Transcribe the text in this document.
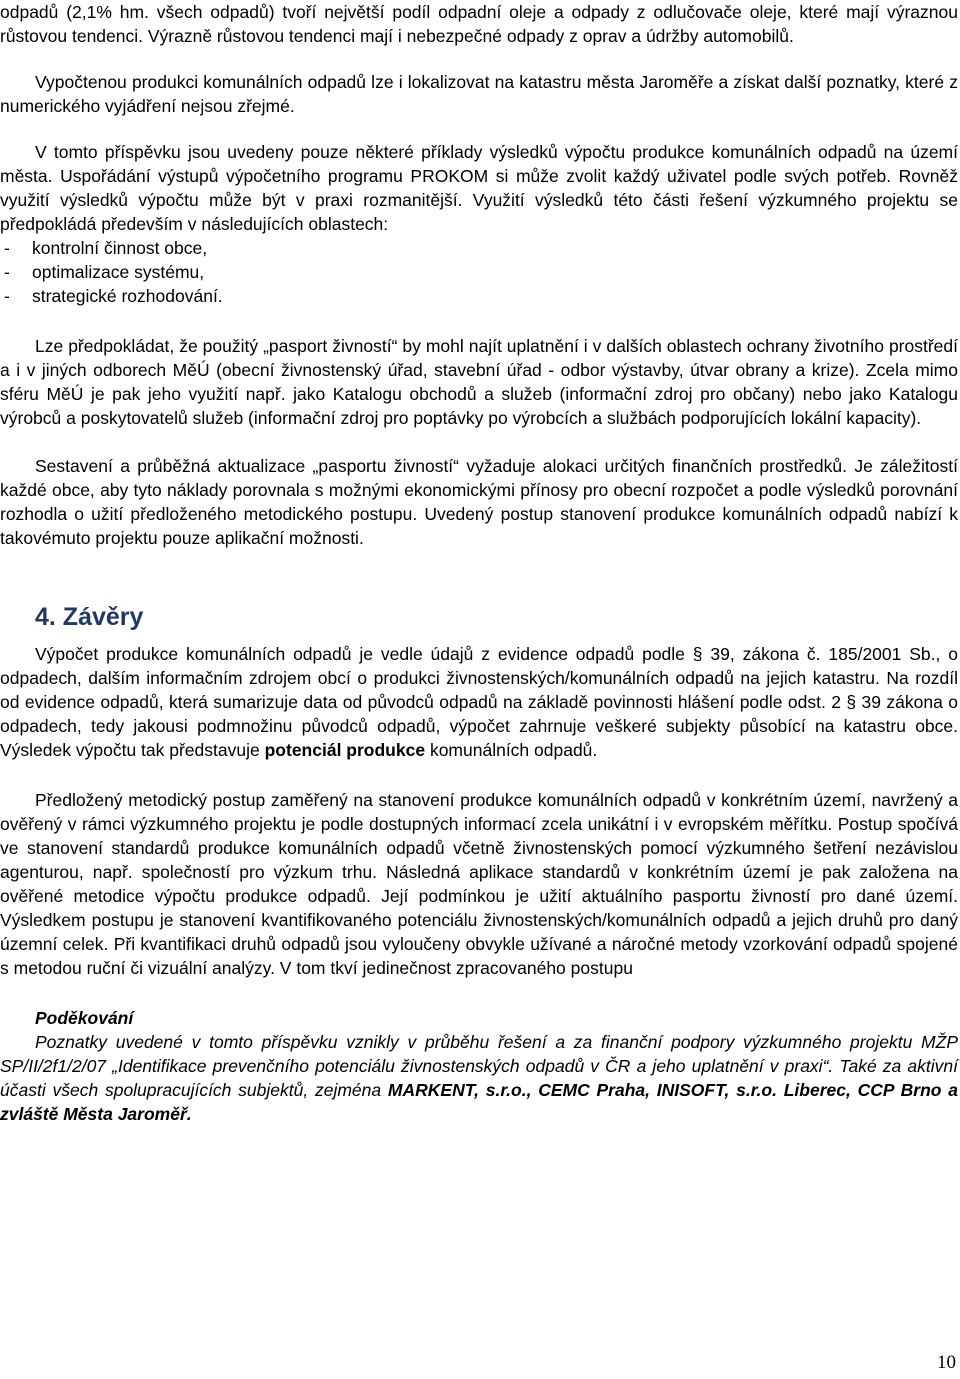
odpadů (2,1% hm. všech odpadů) tvoří největší podíl odpadní oleje a odpady z odlučovače oleje, které mají výraznou růstovou tendenci. Výrazně růstovou tendenci mají i nebezpečné odpady z oprav a údržby automobilů.

Vypočtenou produkci komunálních odpadů lze i lokalizovat na katastru města Jaroměře a získat další poznatky, které z numerického vyjádření nejsou zřejmé.

V tomto příspěvku jsou uvedeny pouze některé příklady výsledků výpočtu produkce komunálních odpadů na území města. Uspořádání výstupů výpočetního programu PROKOM si může zvolit každý uživatel podle svých potřeb. Rovněž využití výsledků výpočtu může být v praxi rozmanitější. Využití výsledků této části řešení výzkumného projektu se předpokládá především v následujících oblastech:

- kontrolní činnost obce,
- optimalizace systému,
- strategické rozhodování.

Lze předpokládat, že použitý „pasport živností“ by mohl najít uplatnění i v dalších oblastech ochrany životního prostředí a i v jiných odborech MěÚ (obecní živnostenský úřad, stavební úřad - odbor výstavby, útvar obrany a krize). Zcela mimo sféru MěÚ je pak jeho využití např. jako Katalogu obchodů a služeb (informační zdroj pro občany) nebo jako Katalogu výrobců a poskytovatelů služeb (informační zdroj pro poptávky po výrobcích a službách podporujících lokální kapacity).

Sestavení a průběžná aktualizace „pasportu živností“ vyžaduje alokaci určitých finančních prostředků. Je záležitostí každé obce, aby tyto náklady porovnala s možnými ekonomickými přínosy pro obecní rozpočet a podle výsledků porovnání rozhodla o užití předloženého metodického postupu. Uvedený postup stanovení produkce komunálních odpadů nabízí k takovémuto projektu pouze aplikační možnosti.

4. Závěry

Výpočet produkce komunálních odpadů je vedle údajů z evidence odpadů podle § 39, zákona č. 185/2001 Sb., o odpadech, dalším informačním zdrojem obcí o produkci živnostenských/komunálních odpadů na jejich katastru. Na rozdíl od evidence odpadů, která sumarizuje data od původců odpadů na základě povinnosti hlášení podle odst. 2 § 39 zákona o odpadech, tedy jakousi podmnožinu původců odpadů, výpočet zahrnuje veškeré subjekty působící na katastru obce. Výsledek výpočtu tak představuje potenciál produkce komunálních odpadů.

Předložený metodický postup zaměřený na stanovení produkce komunálních odpadů v konkrétním území, navržený a ověřený v rámci výzkumného projektu je podle dostupných informací zcela unikátní i v evropském měřítku. Postup spočívá ve stanovení standardů produkce komunálních odpadů včetně živnostenských pomocí výzkumného šetření nezávislou agenturou, např. společností pro výzkum trhu. Následná aplikace standardů v konkrétním území je pak založena na ověřené metodice výpočtu produkce odpadů. Její podmínkou je užití aktuálního pasportu živností pro dané území. Výsledkem postupu je stanovení kvantifikovaného potenciálu živnostenských/komunálních odpadů a jejich druhů pro daný územní celek. Při kvantifikaci druhů odpadů jsou vyloučeny obvykle užívané a náročné metody vzorkování odpadů spojené s metodou ruční či vizuální analýzy. V tom tkví jedinečnost zpracovaného postupu

Poděkování

Poznatky uvedené v tomto příspěvku vznikly v průběhu řešení a za finanční podpory výzkumného projektu MŽP SP/II/2f1/2/07 „Identifikace prevenčního potenciálu živnostenských odpadů v ČR a jeho uplatnění v praxi“. Také za aktivní účasti všech spolupracujících subjektů, zejména MARKENT, s.r.o., CEMC Praha, INISOFT, s.r.o. Liberec, CCP Brno a zvláště Města Jaroměř.

10
